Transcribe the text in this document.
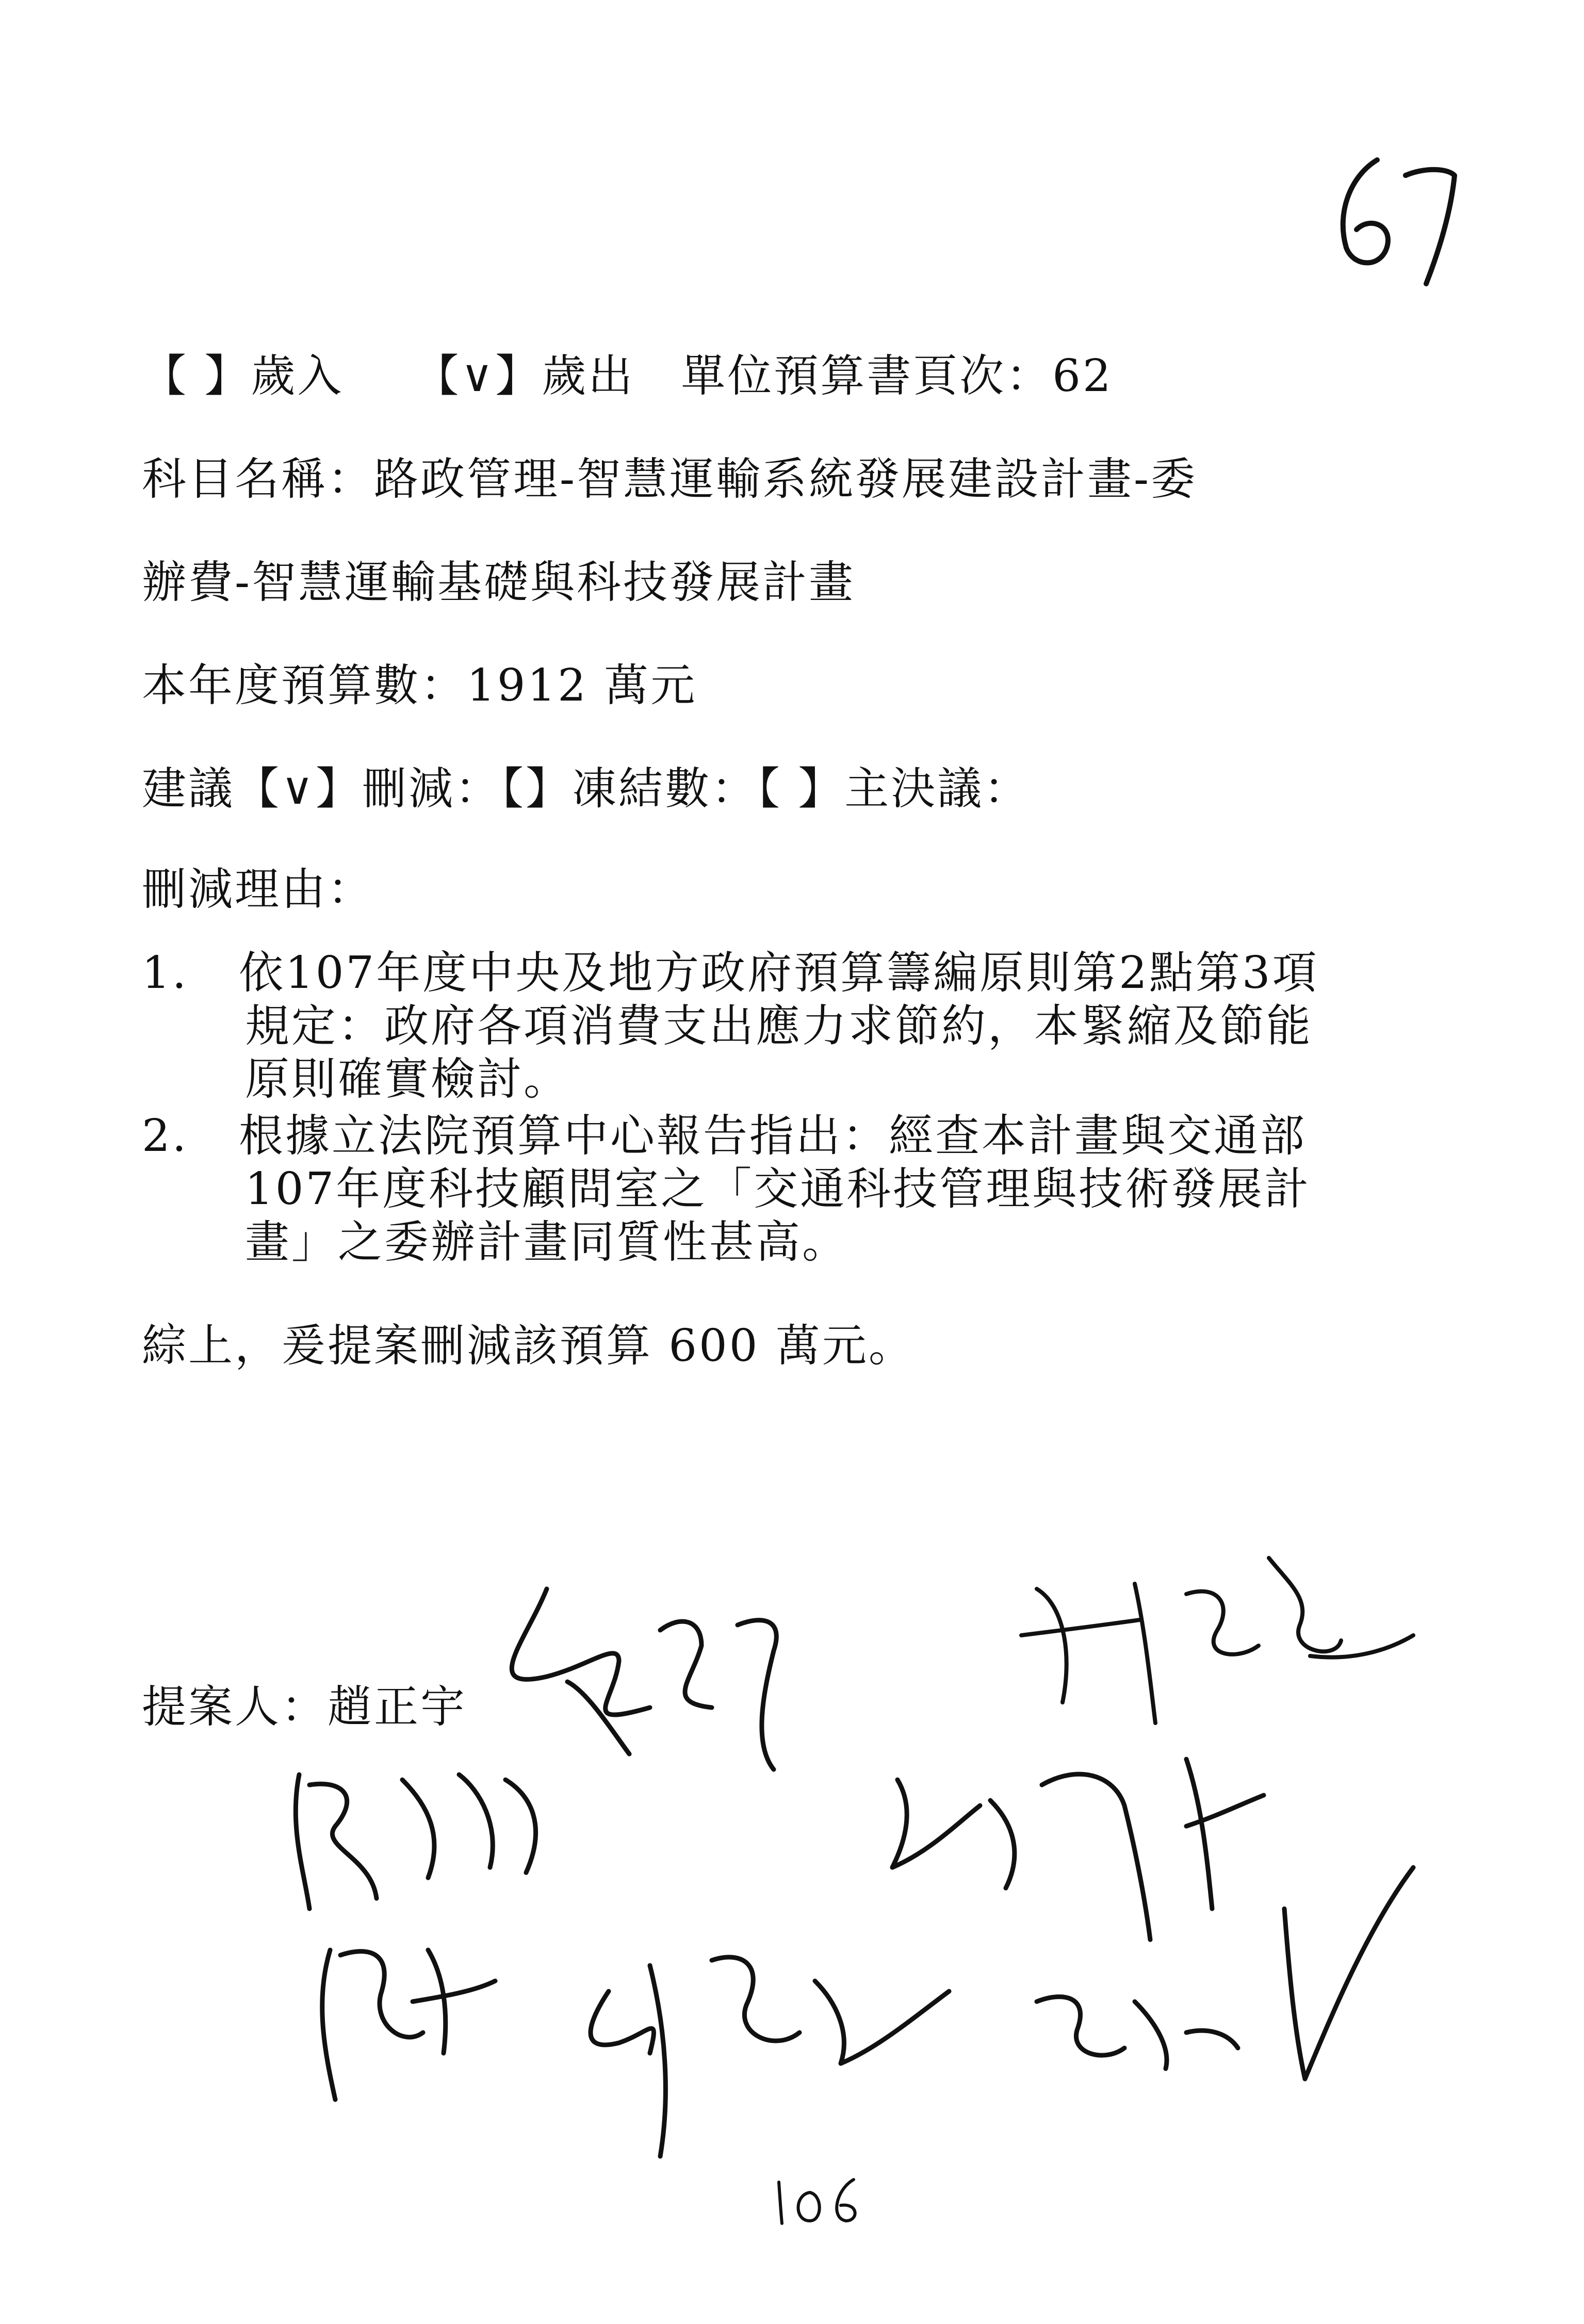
【 】歲入　　【∨】歲出　單位預算書頁次：62
科目名稱：路政管理-智慧運輸系統發展建設計畫-委
辦費-智慧運輸基礎與科技發展計畫
本年度預算數：1912 萬元
建議【∨】刪減：【】凍結數：【 】主決議：
刪減理由：

1. 依107年度中央及地方政府預算籌編原則第2點第3項規定：政府各項消費支出應力求節約，本緊縮及節能原則確實檢討。

2. 根據立法院預算中心報告指出：經查本計畫與交通部107年度科技顧問室之「交通科技管理與技術發展計畫」之委辦計畫同質性甚高。

綜上，爰提案刪減該預算 600 萬元。
提案人：趙正宇
